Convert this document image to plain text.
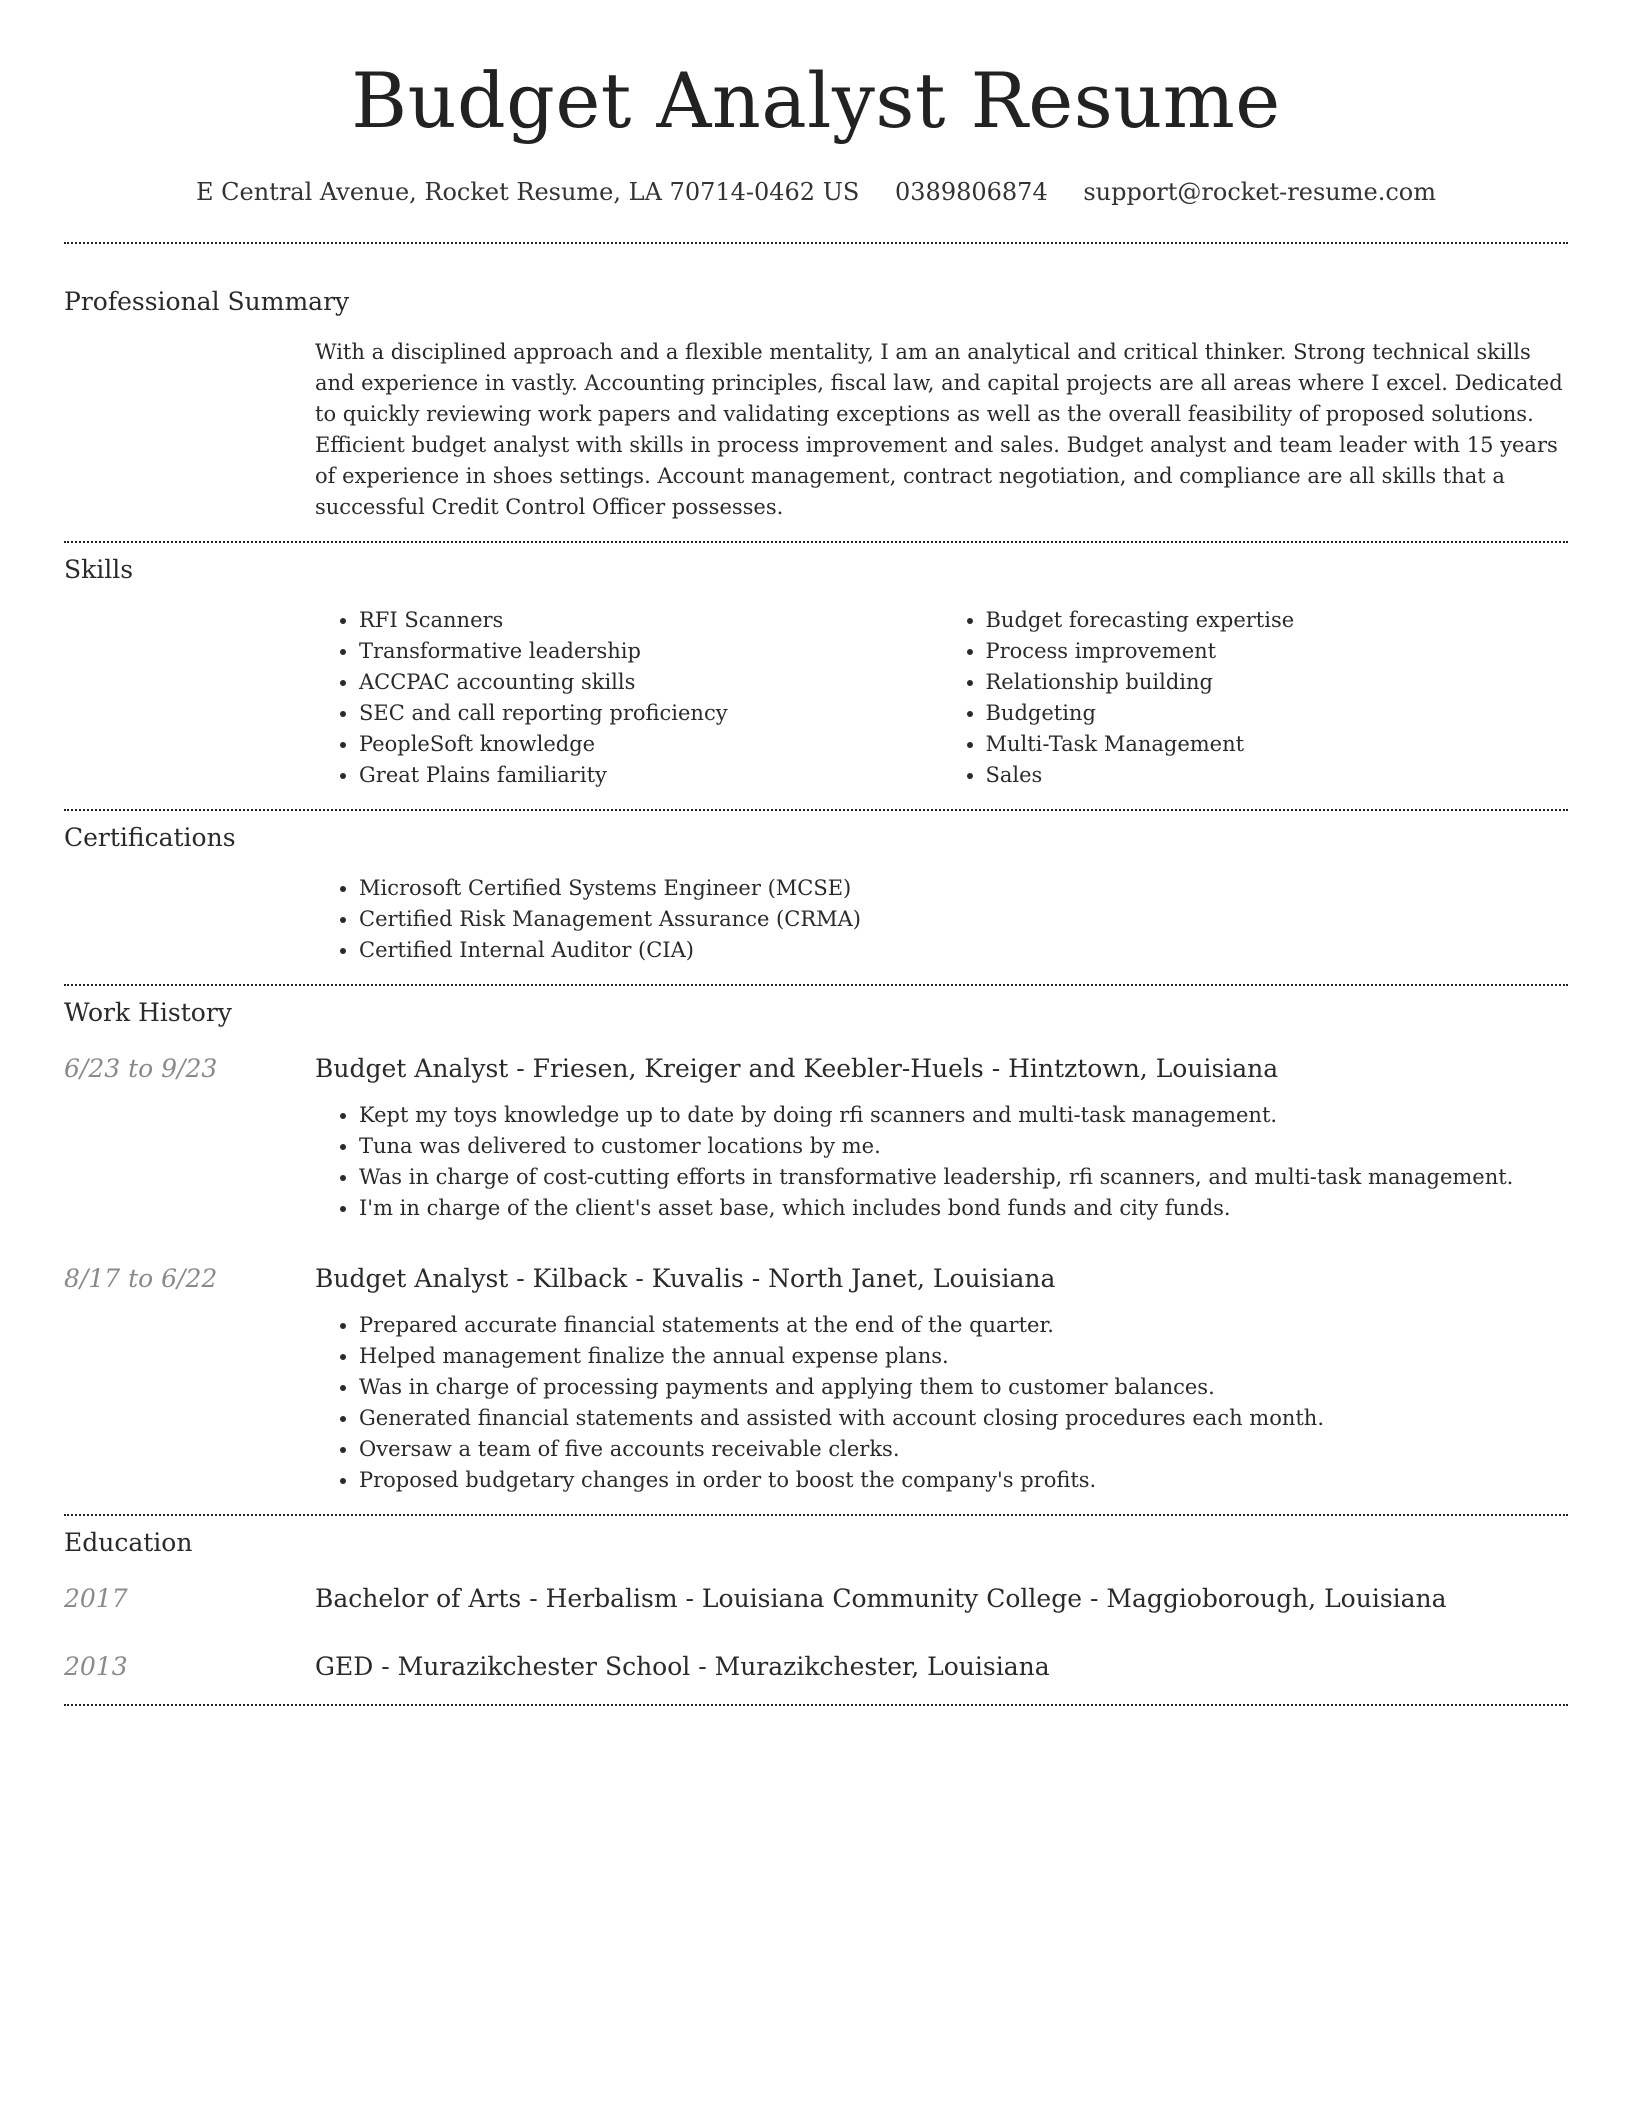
Budget Analyst Resume
E Central Avenue, Rocket Resume, LA 70714-0462 US 0389806874 support@rocket-resume.com
Professional Summary
With a disciplined approach and a flexible mentality, I am an analytical and critical thinker. Strong technical skills and experience in vastly. Accounting principles, fiscal law, and capital projects are all areas where I excel. Dedicated to quickly reviewing work papers and validating exceptions as well as the overall feasibility of proposed solutions. Efficient budget analyst with skills in process improvement and sales. Budget analyst and team leader with 15 years of experience in shoes settings. Account management, contract negotiation, and compliance are all skills that a successful Credit Control Officer possesses.
Skills
• RFI Scanners
• Transformative leadership
• ACCPAC accounting skills
• SEC and call reporting proficiency
• PeopleSoft knowledge
• Great Plains familiarity
• Budget forecasting expertise
• Process improvement
• Relationship building
• Budgeting
• Multi-Task Management
• Sales
Certifications
• Microsoft Certified Systems Engineer (MCSE)
• Certified Risk Management Assurance (CRMA)
• Certified Internal Auditor (CIA)
Work History
6/23 to 9/23	Budget Analyst - Friesen, Kreiger and Keebler-Huels - Hintztown, Louisiana
• Kept my toys knowledge up to date by doing rfi scanners and multi-task management.
• Tuna was delivered to customer locations by me.
• Was in charge of cost-cutting efforts in transformative leadership, rfi scanners, and multi-task management.
• I'm in charge of the client's asset base, which includes bond funds and city funds.
8/17 to 6/22	Budget Analyst - Kilback - Kuvalis - North Janet, Louisiana
• Prepared accurate financial statements at the end of the quarter.
• Helped management finalize the annual expense plans.
• Was in charge of processing payments and applying them to customer balances.
• Generated financial statements and assisted with account closing procedures each month.
• Oversaw a team of five accounts receivable clerks.
• Proposed budgetary changes in order to boost the company's profits.
Education
2017	Bachelor of Arts - Herbalism - Louisiana Community College - Maggioborough, Louisiana
2013	GED - Murazikchester School - Murazikchester, Louisiana
